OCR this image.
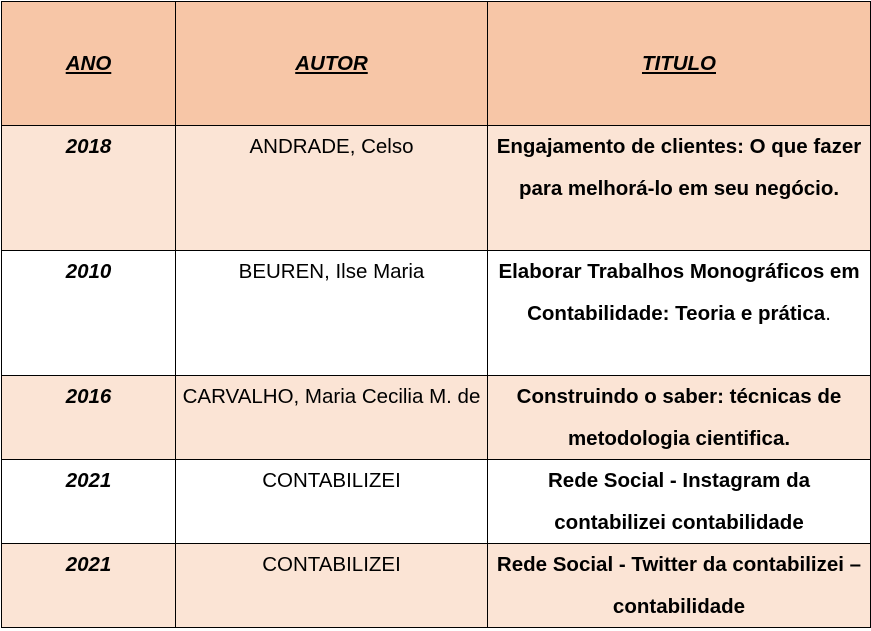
ANO	AUTOR	TITULO
2018	ANDRADE, Celso	Engajamento de clientes: O que fazer para melhorá-lo em seu negócio.
2010	BEUREN, Ilse Maria	Elaborar Trabalhos Monográficos em Contabilidade: Teoria e prática.
2016	CARVALHO, Maria Cecilia M. de	Construindo o saber: técnicas de metodologia cientifica.
2021	CONTABILIZEI	Rede Social - Instagram da contabilizei contabilidade
2021	CONTABILIZEI	Rede Social - Twitter da contabilizei – contabilidade
